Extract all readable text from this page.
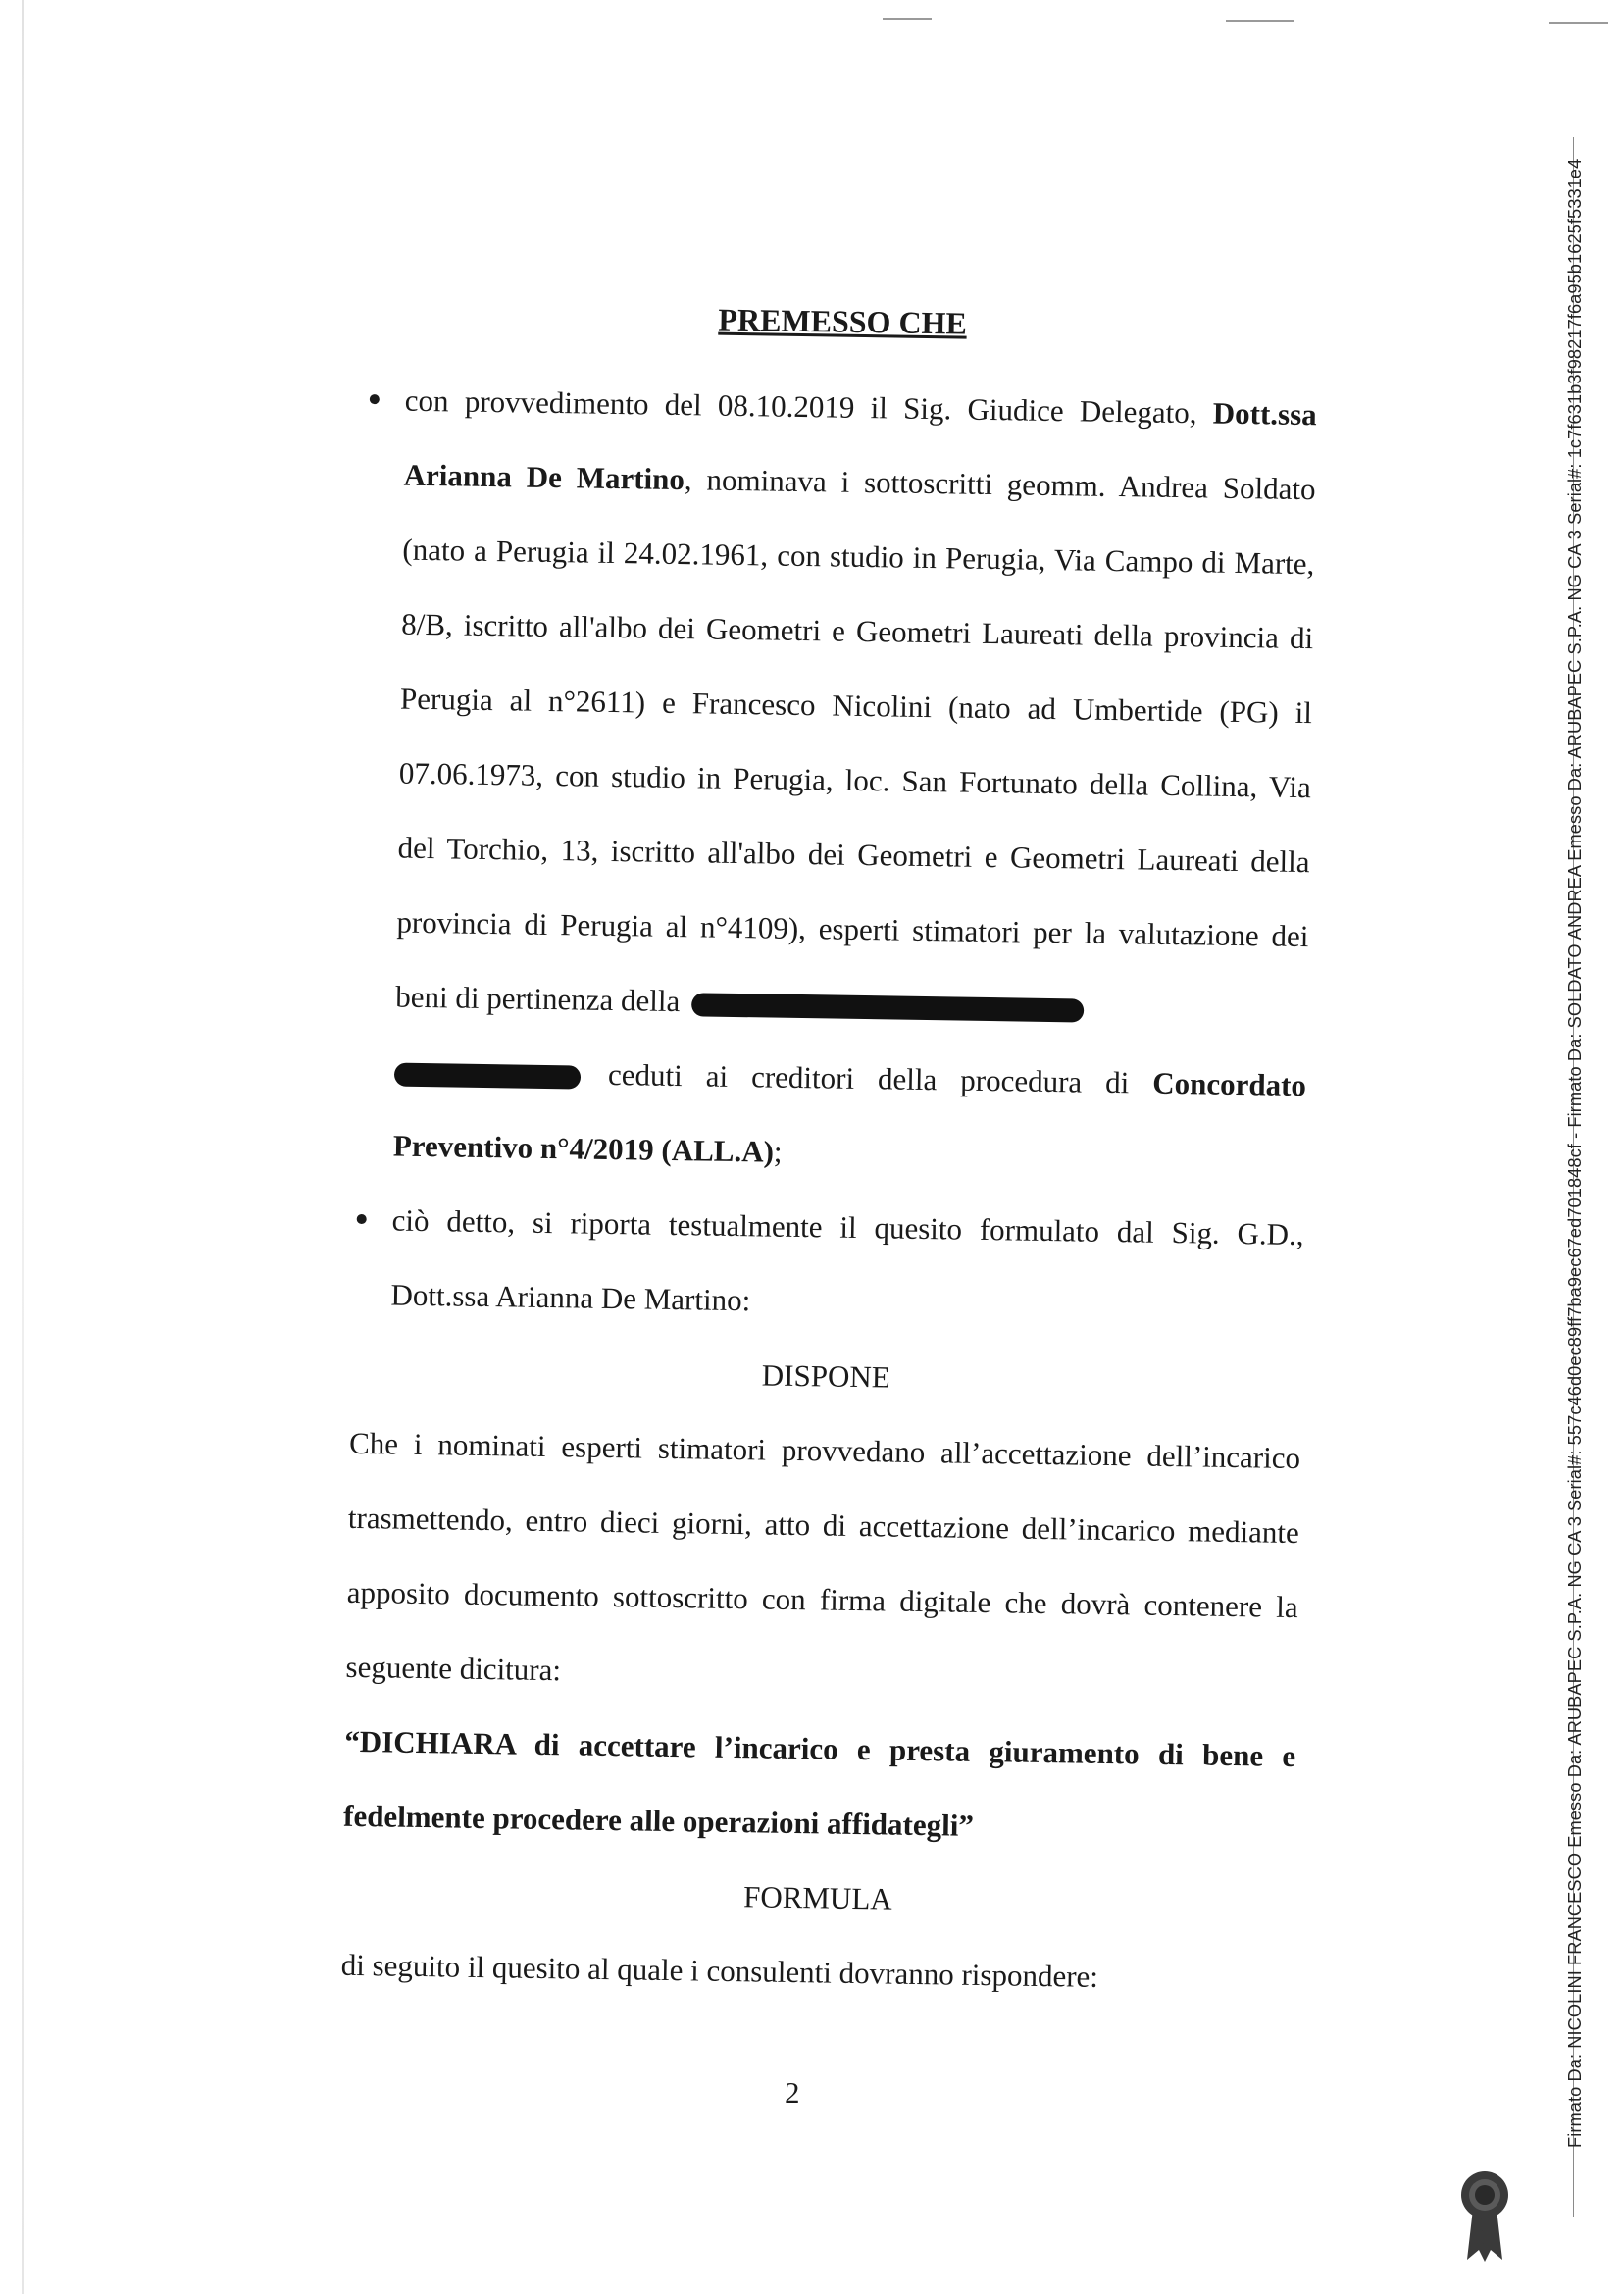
PREMESSO CHE
con provvedimento del 08.10.2019 il Sig. Giudice Delegato, Dott.ssa Arianna De Martino, nominava i sottoscritti geomm. Andrea Soldato (nato a Perugia il 24.02.1961, con studio in Perugia, Via Campo di Marte, 8/B, iscritto all'albo dei Geometri e Geometri Laureati della provincia di Perugia al n°2611) e Francesco Nicolini (nato ad Umbertide (PG) il 07.06.1973, con studio in Perugia, loc. San Fortunato della Collina, Via del Torchio, 13, iscritto all'albo dei Geometri e Geometri Laureati della provincia di Perugia al n°4109), esperti stimatori per la valutazione dei beni di pertinenza della
ceduti ai creditori della procedura di Concordato Preventivo n°4/2019 (ALL.A);
ciò detto, si riporta testualmente il quesito formulato dal Sig. G.D., Dott.ssa Arianna De Martino:
DISPONE
Che i nominati esperti stimatori provvedano all’accettazione dell’incarico trasmettendo, entro dieci giorni, atto di accettazione dell’incarico mediante apposito documento sottoscritto con firma digitale che dovrà contenere la seguente dicitura:
“DICHIARA di accettare l’incarico e presta giuramento di bene e fedelmente procedere alle operazioni affidategli”
FORMULA
di seguito il quesito al quale i consulenti dovranno rispondere:
2	Firmato Da: NICOLINI FRANCESCO Emesso Da: ARUBAPEC S.P.A. NG CA 3 Serial#: 557c46d0ec89ff7ba9ec67ed701848cf - Firmato Da: SOLDATO ANDREA Emesso Da: ARUBAPEC S.P.A. NG CA 3 Serial#: 1c7f631b3f98217f6a95b1625f5331e4
